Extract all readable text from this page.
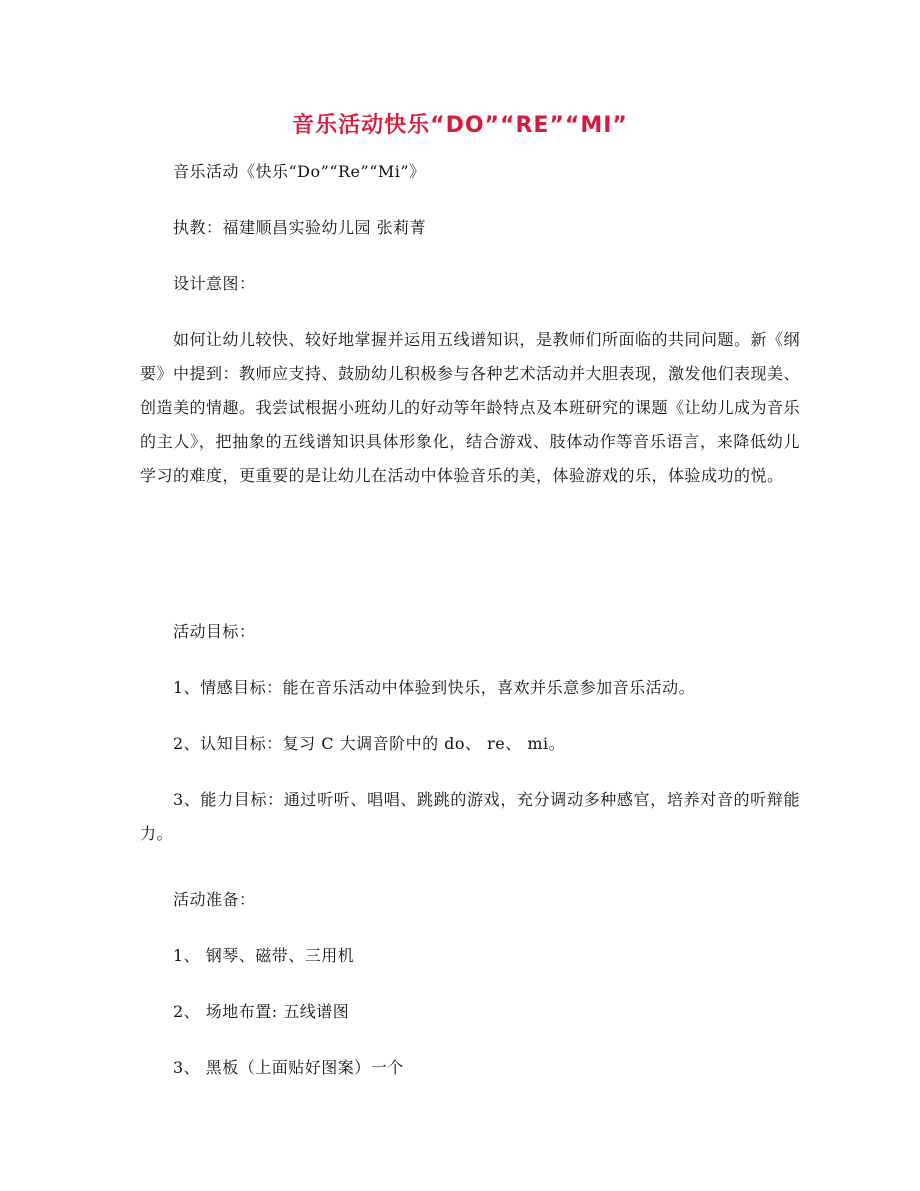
音乐活动快乐“DO”“RE”“MI”
音乐活动《快乐“Do”“Re”“Mi”》
执教：福建顺昌实验幼儿园 张莉菁
设计意图：
如何让幼儿较快、较好地掌握并运用五线谱知识，是教师们所面临的共同问题。新《纲要》中提到：教师应支持、鼓励幼儿积极参与各种艺术活动并大胆表现，激发他们表现美、创造美的情趣。我尝试根据小班幼儿的好动等年龄特点及本班研究的课题《让幼儿成为音乐的主人》，把抽象的五线谱知识具体形象化，结合游戏、肢体动作等音乐语言，来降低幼儿学习的难度，更重要的是让幼儿在活动中体验音乐的美，体验游戏的乐，体验成功的悦。
活动目标：
1、情感目标：能在音乐活动中体验到快乐，喜欢并乐意参加音乐活动。
2、认知目标：复习 C 大调音阶中的 do、 re、 mi。
3、能力目标：通过听听、唱唱、跳跳的游戏，充分调动多种感官，培养对音的听辩能力。
活动准备：
1、 钢琴、磁带、三用机
2、 场地布置: 五线谱图
3、 黑板（上面贴好图案）一个
